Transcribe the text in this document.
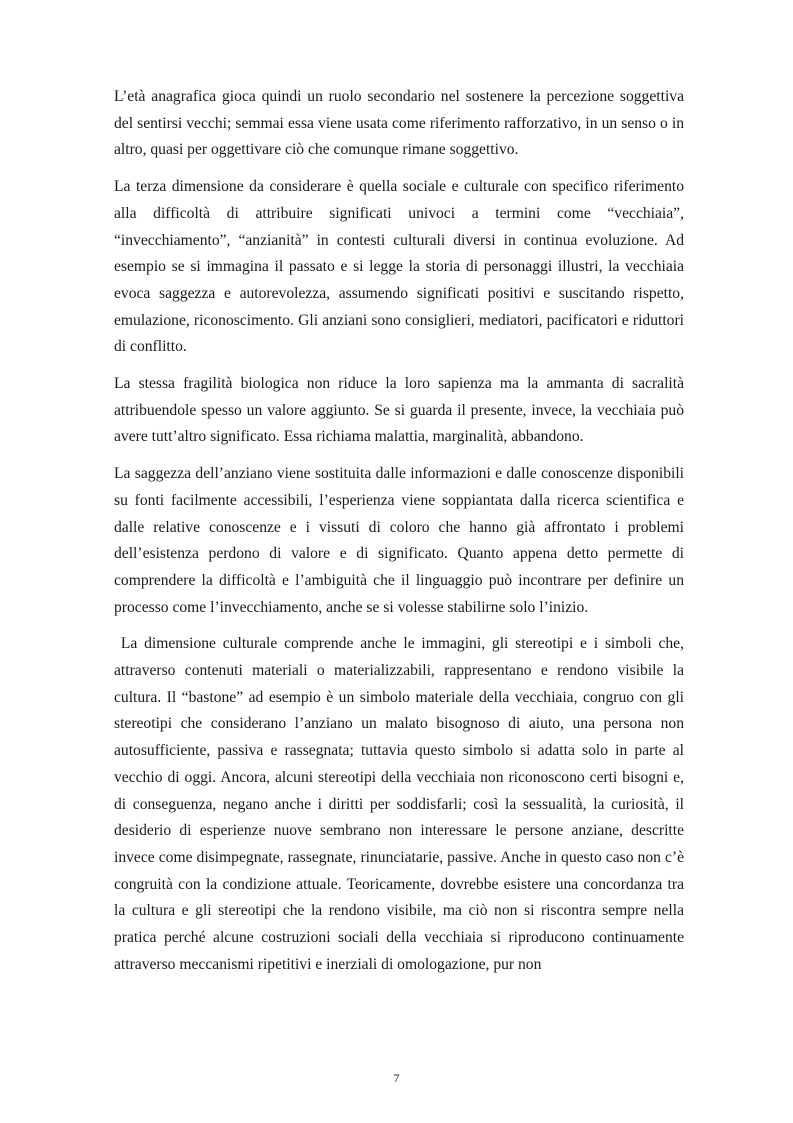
L’età anagrafica gioca quindi un ruolo secondario nel sostenere la percezione soggettiva del sentirsi vecchi; semmai essa viene usata come riferimento rafforzativo, in un senso o in altro, quasi per oggettivare ciò che comunque rimane soggettivo.

La terza dimensione da considerare è quella sociale e culturale con specifico riferimento alla difficoltà di attribuire significati univoci a termini come “vecchiaia”, “invecchiamento”, “anzianità” in contesti culturali diversi in continua evoluzione. Ad esempio se si immagina il passato e si legge la storia di personaggi illustri, la vecchiaia evoca saggezza e autorevolezza, assumendo significati positivi e suscitando rispetto, emulazione, riconoscimento. Gli anziani sono consiglieri, mediatori, pacificatori e riduttori di conflitto.

La stessa fragilità biologica non riduce la loro sapienza ma la ammanta di sacralità attribuendole spesso un valore aggiunto. Se si guarda il presente, invece, la vecchiaia può avere tutt’altro significato. Essa richiama malattia, marginalità, abbandono.

La saggezza dell’anziano viene sostituita dalle informazioni e dalle conoscenze disponibili su fonti facilmente accessibili, l’esperienza viene soppiantata dalla ricerca scientifica e dalle relative conoscenze e i vissuti di coloro che hanno già affrontato i problemi dell’esistenza perdono di valore e di significato. Quanto appena detto permette di comprendere la difficoltà e l’ambiguità che il linguaggio può incontrare per definire un processo come l’invecchiamento, anche se si volesse stabilirne solo l’inizio.

La dimensione culturale comprende anche le immagini, gli stereotipi e i simboli che, attraverso contenuti materiali o materializzabili, rappresentano e rendono visibile la cultura. Il “bastone” ad esempio è un simbolo materiale della vecchiaia, congruo con gli stereotipi che considerano l’anziano un malato bisognoso di aiuto, una persona non autosufficiente, passiva e rassegnata; tuttavia questo simbolo si adatta solo in parte al vecchio di oggi. Ancora, alcuni stereotipi della vecchiaia non riconoscono certi bisogni e, di conseguenza, negano anche i diritti per soddisfarli; così la sessualità, la curiosità, il desiderio di esperienze nuove sembrano non interessare le persone anziane, descritte invece come disimpegnate, rassegnate, rinunciatarie, passive. Anche in questo caso non c’è congruità con la condizione attuale. Teoricamente, dovrebbe esistere una concordanza tra la cultura e gli stereotipi che la rendono visibile, ma ciò non si riscontra sempre nella pratica perché alcune costruzioni sociali della vecchiaia si riproducono continuamente attraverso meccanismi ripetitivi e inerziali di omologazione, pur non

7
